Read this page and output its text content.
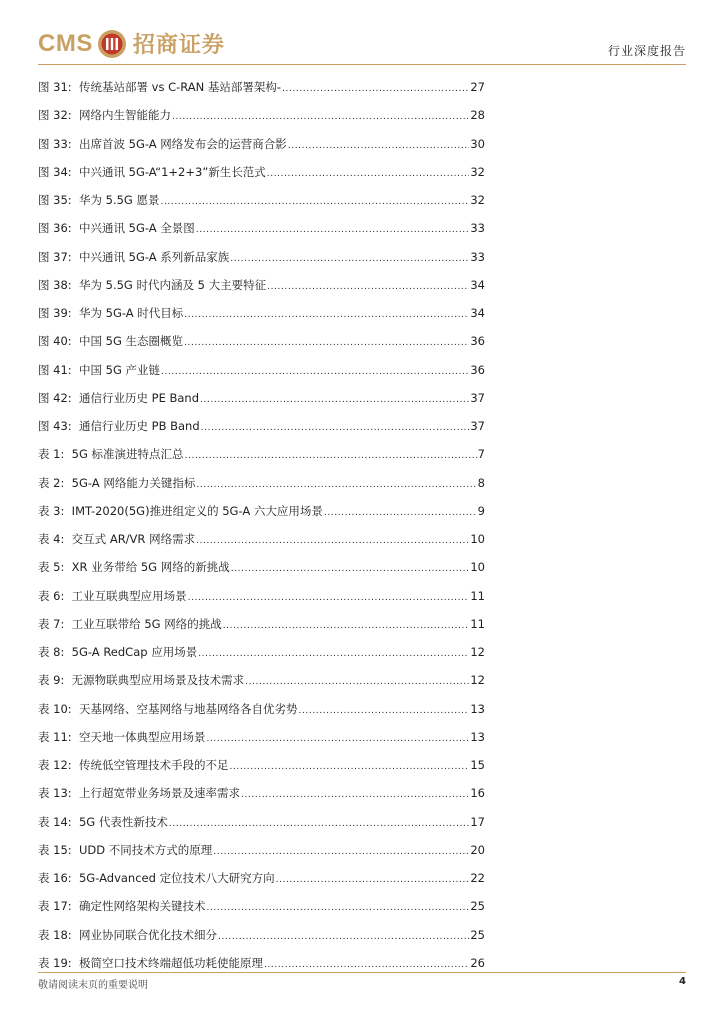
CMS 招商证券	行业深度报告
图 31: 传统基站部署 vs C-RAN 基站部署架构- .....	27
图 32: 网络内生智能能力 .....	28
图 33: 出席首波 5G-A 网络发布会的运营商合影 .....	30
图 34: 中兴通讯 5G-A“1+2+3”新生长范式 .....	32
图 35: 华为 5.5G 愿景 .....	32
图 36: 中兴通讯 5G-A 全景图 .....	33
图 37: 中兴通讯 5G-A 系列新品家族 .....	33
图 38: 华为 5.5G 时代内涵及 5 大主要特征 .....	34
图 39: 华为 5G-A 时代目标 .....	34
图 40: 中国 5G 生态圈概览 .....	36
图 41: 中国 5G 产业链 .....	36
图 42: 通信行业历史 PE Band .....	37
图 43: 通信行业历史 PB Band .....	37
表 1: 5G 标准演进特点汇总 .....	7
表 2: 5G-A 网络能力关键指标 .....	8
表 3: IMT-2020(5G)推进组定义的 5G-A 六大应用场景 .....	9
表 4: 交互式 AR/VR 网络需求 .....	10
表 5: XR 业务带给 5G 网络的新挑战 .....	10
表 6: 工业互联典型应用场景 .....	11
表 7: 工业互联带给 5G 网络的挑战 .....	11
表 8: 5G-A RedCap 应用场景 .....	12
表 9: 无源物联典型应用场景及技术需求 .....	12
表 10: 天基网络、空基网络与地基网络各自优劣势 .....	13
表 11: 空天地一体典型应用场景 .....	13
表 12: 传统低空管理技术手段的不足 .....	15
表 13: 上行超宽带业务场景及速率需求 .....	16
表 14: 5G 代表性新技术 .....	17
表 15: UDD 不同技术方式的原理 .....	20
表 16: 5G-Advanced 定位技术八大研究方向 .....	22
表 17: 确定性网络架构关键技术 .....	25
表 18: 网业协同联合优化技术细分 .....	25
表 19: 极简空口技术终端超低功耗使能原理 .....	26
敬请阅读末页的重要说明	4
